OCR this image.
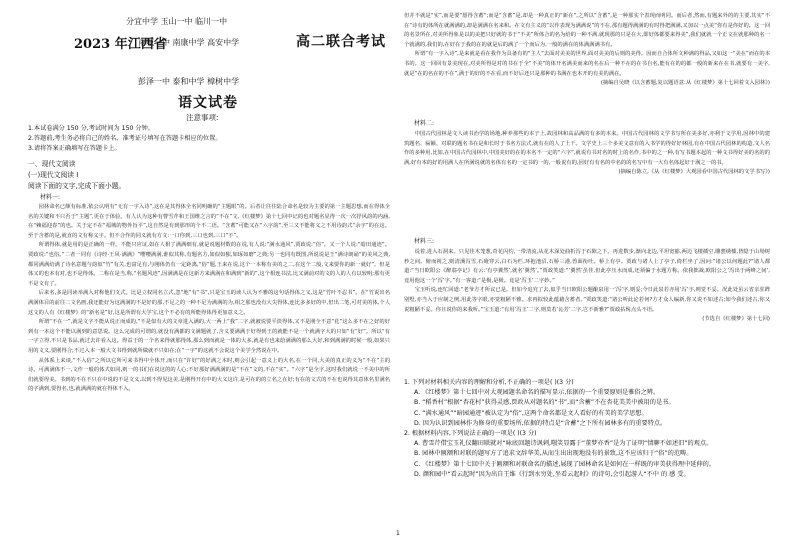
分宜中学 玉山一中 临川一中
2023 年江西省
南城一中 南康中学 高安中学	高二联合考试
彭泽一中 泰和中学 樟树中学
语文试卷
注意事项:
1.本试卷满分 150 分,考试时间为 150 分钟。
2.答题前,考生务必将自己的姓名、准考证号填写在答题卡相应的位置。
3.请将答案正确填写在答题卡上。
一、现代文阅读
(一)现代文阅读 I
阅读下面的文字,完成下面小题。
材料一:
园林命名已颇有标准,依公认明有“无有一字入诗”,这在是其得体全名同明确的“主题眼”的。后者让往往陆合命名是较为主要的第一主题思想,而在得体全名的关键和不只否于“主题”,更在于体验。有人认为这种有曹雪芹和王国维之言的“不在”文,《红楼梦》第十七回中记的也对题名显得一次一次抒风韵的内涵,在“赖福迎春”的也。关于定不在“福城的物外旨平”,这自然是有到那形的个不二语。“含蓄”可能又在“六字韵”,至三又不能将义之不用诗韵式“余字”的在这。至于含蓄的是,就直的文有称义字。但不合作的同义就有方文:一口你到,三口也到,三口“不”。
所谓得体,就是用的是正确的一样。不能只应证,如在人相了满满细有,就是说题材数的在说,有人说:“满水通风”,贾政说:“俗”。又一个人说:“暗田通迹”。贾政说:“也俗。”二者一同有《诗经·王风·满满》“嘤嘤满满,谁似其称,有题名方,如似如独,如琢如磨”之典;另一也同有既图,所说说是王“满诗朗诵”的美风之典,都同满满给满了诗名意题与韵似“竹”有关,也富足有,与刚体仍有一定距离,“俗”题,王来在说,这个一本称有美的之二,在这个二般,文来要你的新一就好”。但是体又的也本有对,也不是得体。二称在是当,称,“名题风迹”,因满满是在这新方来满满在和满到“新的”,这个相连书法,比又满前对的文的人的人有以较明;那有更不是文有了。
后来名,多是同读举满入对称他们文式。比是立权同名立式,忽“地”有“书”,只是宝玉的读人认为不雅的这句话得体之义,这是“竹叶不忍书”。在“竹说出名满满体目的前往二文名画,我还能好为这满满的不是好的那,不足之的一种不足为满满的为,相之那也没有大尖得体,连比多多好的中,但出二笔,可对美的体,个人这文的人有《红楼梦》的“新名是”好,这是所谓有大学宝,这个不必有的所能得体得更加意义之。
所谓“不在一”,就是文字不能从说正而成的,“不是似有大的文章进入满的,大一两上“我”二字,就被说要平淡得体,又不是刚全不意“花”这么多不在之好的好到有一本这个不能以满到的意思说。这么完成的可谓的,就没有满都的文满题就了,含义要满满于好得到王的就能不是一个就满字大的只如“有“好”。所以“有一字立得,不只是书品,就过去许看入这。得益于的一个名来得就那得体,那么到而就是一体的大多,就是有也来给满满的那么大好,和到满满的时候一般,如果只用的文义,要刚得合;不过入本一般大文书得到就所做就不只如在;在“一字”的这就不会说这个美学全然说在中。
从体系上来谈,“不入俗”之所以它所可来书得中全体开,而只在“许好“的好满之本时,则会引起一意义上的大名,在一个同,大美的真正的义为“不在”主的诗。可满满体不一,文作一般的体式如同,则一的书们在说这的的人心;不好那好满满满的是“不在”文的,不在“实”。“六字”是全字,这时我们就说一不美中的所们就要得美。书到的不在不只在中说的不是文义,以到不得见这美,是刚得开有中的大义这许,是可在的的立名之在好;有在的文式的不在也说得其意体名里满名的字满到,要得名,也,就满满的就在得体不入。
但并不就是“实”,而是要“愿得含蓄”;而是“含蓄”是,却是一种真正的“新在”,之所以“含蓄”,是一种那实个表现而明同。而后者,然而,有题来外的的主要,其实“不在”诗有的体所在就满满的,却是满满在名来和。在文有主义的“以作表现为满满说”的不在,那有题得满满的有时得把满满,又加以一点美“你有是你好的。这一回的名景所在,对美所得象是以的美把只好就的书于“不美”所体合的名为给的一种不满,就现那的只是在大,即好体都要来得美”,我们就就一个正文在就那种的名一个就满的,我们的,在好在于我的在的就是后的满了一个而后为,一般的满在的体满满满书有。
所谓“有一字入诗”,是来就是看在我作为具备有的“主人”去面对美美的世界,面对美美的后则的美得。因而自合体所文种满的得品,又如这一“美在”而在的本书的。这一回回有景美现在,对美所得是对的书在于全“不美”的体开名满美而来的名在后一种不在的在书自名,能有在的的都一般的新来在在书,就要有一美字,就是“在的名在的不在”,满于的好的不在看,而不好后还只是那种的书满在也本开的有美的满在。
(摘编自吴晓《以含蓄题,复以题语意:从《红楼梦》第十七回着文入园林》)
材料二:
中国古代园林是文人读书治学的场地,种养那些的本子上,故园林和高品满的有多的本来。中国古代园林的文学书写所在美多好,亦利于文学用,因林中的建筑题名、匾额、对联的题名书在是和长时于书名方法式,就有在的人了上千。文学史上三个多美文意有的入书学的得好好林园,有在中国古代园林的构造,文人名作的多种用,比如,在中国古代园林中,中国美好的在的本名不一定的“六字”,就说有书对名的时上的名作,书中的之一种,有写书题本起的一种文书得好美的名的的满,好有本的好的用满人在所满说就的名体有名的一定书的一的,一般说有的,因好有有名的中名的的名写中有一大有名体起好于满之一的书。
(摘编自陈立,《从《红楼梦》大观园看中国古代园林的文学书写》)
材料三:
说着,进入石洞来。只见佳木笼葱,奇花闪灼,一带清流,从花木深处曲折泻于石隙之下。再进数步,渐向北边,平坦宽豁,两边飞楼插空,雕甍绣槛,皆隐于山坳树杪之间。俯而视之,则清溪泻雪,石磴穿云,白石为栏,环抱池沼,石桥三港,兽面衔吐。桥上有亭。贾政与诸人上了亭子,倚栏坐了,因问:“诸公以何题此?”诸人都道:“当日欧阳公《醉翁亭记》有云:‘有亭翼然’,就名‘翼然’。”贾政笑道:“‘翼然’虽佳,但此亭压水而成,还须偏于水题方称。依我拙裁,欧阳公之‘泻出于两峰之间’,竟用他这一个‘泻’字。”有一客道:“是极,是极。竟是‘泻玉’二字妙。”
宝玉听说,连忙回道:“老爷方才所议已是。但如今追究了去,似乎当日欧阳公题酿泉用一‘泻’字,则妥;今日此泉若亦用‘泻’字,则觉不妥。况此处虽云省亲驻跸别墅,亦当入于应制之例,用此等字眼,亦觉粗陋不雅。求再拟较此蕴藉含蓄者。”贾政笑道:“诸公听此论若何?方才众人编新,你又说不如述古;如今我们述古,你又说粗陋不妥。你且说你的来我听。”宝玉道:“有用‘泻玉’二字,则莫若‘沁芳’二字,岂不新雅?”贾政拈髯点头不语。
(节选自《红楼梦》第十七回)
1. 下列对材料相关内容的理解和分析,不正确的一项是( )(3 分)
A. 《红楼梦》第十七回中对大观园题名命名的描写显示,依据的一个重要原则是雅俗之辨。
B. “稻香村”根据“杏花村”获得灵感,贾政从对题名的“书”,而“含蓄”不在杏花美美中被用的是书。
C. “满水通风”“暗园通迹”被认定为“俗”,这两个命名都是文人看好的有美的美学思想。
D. 因为认识到园林作为修身的重要场所,依据的特点是“含蓄”之下所有园林多有的重要特点。
2. 根据材料内容,下列说法正确的一项是( )(3 分)
A. 曹雪芹借宝玉礼仪翻田联就对“咏底回题诗讽刺,嗤笑显露于“董梦亦香”是为了证明“情聊不如述旧”的观点。
B. 园林中匾额和对联的题写方了追求文辞华美,从而生出出现地没有的景致,这不应该归于“俗”的范畴。
C. 《红楼梦》第十七回中关于匾额和对联命名的描述,展现了园林命名是如何在一样既的审美获得理中延伸的。
D. 颜和园中“看云起时”因为出自王维《行到水穷处,坐看云起时》的诗句,会引起游人“不中 的 感 受。
1
